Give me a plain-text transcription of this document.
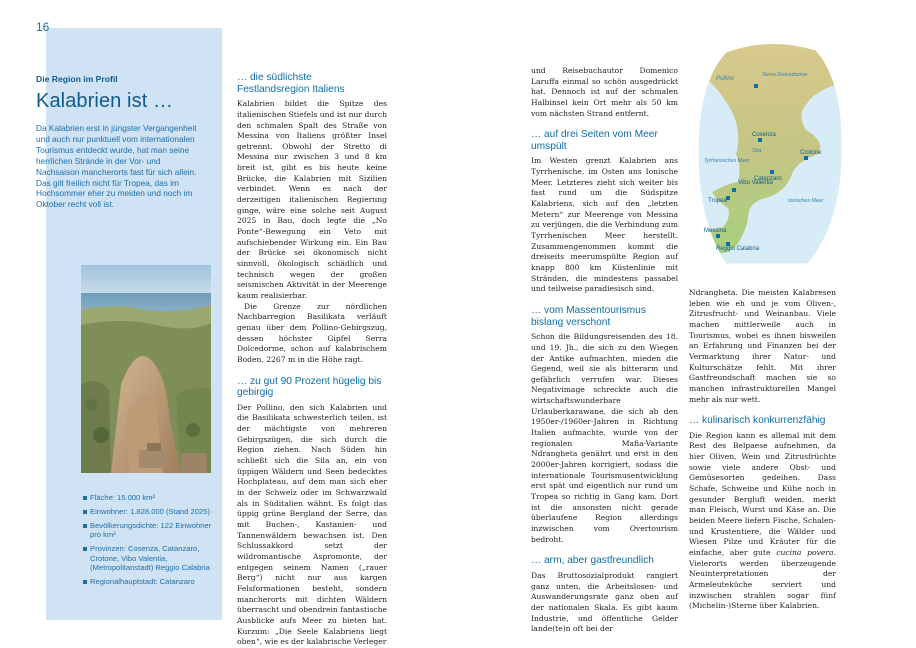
16
Die Region im Profil
Kalabrien ist …
Da Kalabrien erst in jüngster Vergangenheit und auch nur punktuell vom internationalen Tourismus entdeckt wurde, hat man seine herrlichen Strände in der Vor- und Nachsaison mancherorts fast für sich allein. Das gilt freilich nicht für Tropea, das im Hochsommer eher zu meiden und noch im Oktober recht voll ist.
Fläche: 15.000 km²
Einwohner: 1.828.000 (Stand 2025)
Bevölkerungsdichte: 122 Einwohner pro km²
Provinzen: Cosenza, Catanzaro, Crotone, Vibo Valentia, (Metropolitanstadt) Reggio Calabria
Regionalhauptstadt: Catanzaro
… die südlichste Festlandsregion Italiens
Kalabrien bildet die Spitze des italienischen Stiefels und ist nur durch den schmalen Spalt des Straße von Messina von Italiens größter Insel getrennt. Obwohl der Stretto di Messina nur zwischen 3 und 8 km breit ist, gibt es bis heute keine Brücke, die Kalabrien mit Sizilien verbindet. Wenn es nach der derzeitigen italienischen Regierung ginge, wäre eine solche seit August 2025 in Bau, doch legte die „No Ponte“-Bewegung ein Veto mit aufschiebender Wirkung ein. Ein Bau der Brücke sei ökonomisch nicht sinnvoll, ökologisch schädlich und technisch wegen der großen seismischen Aktivität in der Meerenge kaum realisierbar.
Die Grenze zur nördlichen Nachbarregion Basilikata verläuft genau über dem Pollino-Gebirgszug, dessen höchster Gipfel Serra Dolcedorme, schon auf kalabrischem Boden, 2267 m in die Höhe ragt.
… zu gut 90 Prozent hügelig bis gebirgig
Der Pollino, den sich Kalabrien und die Basilikata schwesterlich teilen, ist der mächtigste von mehreren Gebirgszügen, die sich durch die Region ziehen. Nach Süden hin schließt sich die Sila an, ein von üppigen Wäldern und Seen bedecktes Hochplateau, auf dem man sich eher in der Schweiz oder im Schwarzwald als in Süditalien wähnt. Es folgt das üppig grüne Bergland der Serre, das mit Buchen-, Kastanien- und Tannenwäldern bewachsen ist. Den Schlussakkord setzt der wildromantische Aspromonte, der entgegen seinem Namen („rauer Berg“) nicht nur aus kargen Felsformationen besteht, sondern mancherorts mit dichten Wäldern überrascht und obendrein fantastische Ausblicke aufs Meer zu bieten hat. Kurzum: „Die Seele Kalabriens liegt oben“, wie es der kalabrische Verleger
und Reisebuchautor Domenico Laruffa einmal so schön ausgedrückt hat. Dennoch ist auf der schmalen Halbinsel kein Ort mehr als 50 km vom nächsten Strand entfernt.
… auf drei Seiten vom Meer umspült
Im Westen grenzt Kalabrien ans Tyrrhenische, im Osten ans Ionische Meer. Letzteres zieht sich weiter bis fast rund um die Südspitze Kalabriens, sich auf den „letzten Metern“ zur Meerenge von Messina zu verjüngen, die die Verbindung zum Tyrrhenischen Meer herstellt. Zusammengenommen kommt die dreiseits meerumspülte Region auf knapp 800 km Küstenlinie mit Stränden, die mindestens passabel und teilweise paradiesisch sind.
… vom Massentourismus bislang verschont
Schon die Bildungsreisenden des 18. und 19. Jh., die sich zu den Wiegen der Antike aufmachten, mieden die Gegend, weil sie als bitterarm und gefährlich verrufen war. Dieses Negativimage schreckte auch die wirtschaftswunderbare Urlauberkarawane, die sich ab den 1950er-/1960er-Jahren in Richtung Italien aufmachte, wurde von der regionalen Mafia-Variante Ndrangheta genährt und erst in den 2000er-Jahren korrigiert, sodass die internationale Tourismusentwicklung erst spät und eigentlich nur rund um Tropea so richtig in Gang kam. Dort ist die ansonsten nicht gerade überlaufene Region allerdings inzwischen vom Overtourism bedroht.
… arm, aber gastfreundlich
Das Bruttosozialprodukt rangiert ganz unten, die Arbeitslosen- und Auswanderungsrate ganz oben auf der nationalen Skala. Es gibt kaum Industrie, und öffentliche Gelder lande(te)n oft bei der
Pollino
Serra Dolcedorme
Sila
Tyrrhenisches Meer
Ionisches Meer
Cosenza
Crotone
Catanzaro
Vibo Valentia
Tropea
Messina
Reggio Calabria
Ndrangheta. Die meisten Kalabresen leben wie eh und je vom Oliven-, Zitrusfrucht- und Weinanbau. Viele machen mittlerweile auch in Tourismus, wobei es ihnen bisweilen an Erfahrung und Finanzen bei der Vermarktung ihrer Natur- und Kulturschätze fehlt. Mit ihrer Gastfreundschaft machen sie so manchen infrastrukturellen Mangel mehr als nur wett.
… kulinarisch konkurrenzfähig
Die Region kann es allemal mit dem Rest des Belpaese aufnehmen, da hier Oliven, Wein und Zitrusfrüchte sowie viele andere Obst- und Gemüsesorten gedeihen. Dass Schafe, Schweine und Kühe noch in gesunder Bergluft weiden, merkt man Fleisch, Wurst und Käse an. Die beiden Meere liefern Fische, Schalen- und Krustentiere, die Wälder und Wiesen Pilze und Kräuter für die einfache, aber gute cucina povera. Vielerorts werden überzeugende Neuinterpretationen der Armeleuteküche serviert und inzwischen strahlen sogar fünf (Michelin-)Sterne über Kalabrien.
